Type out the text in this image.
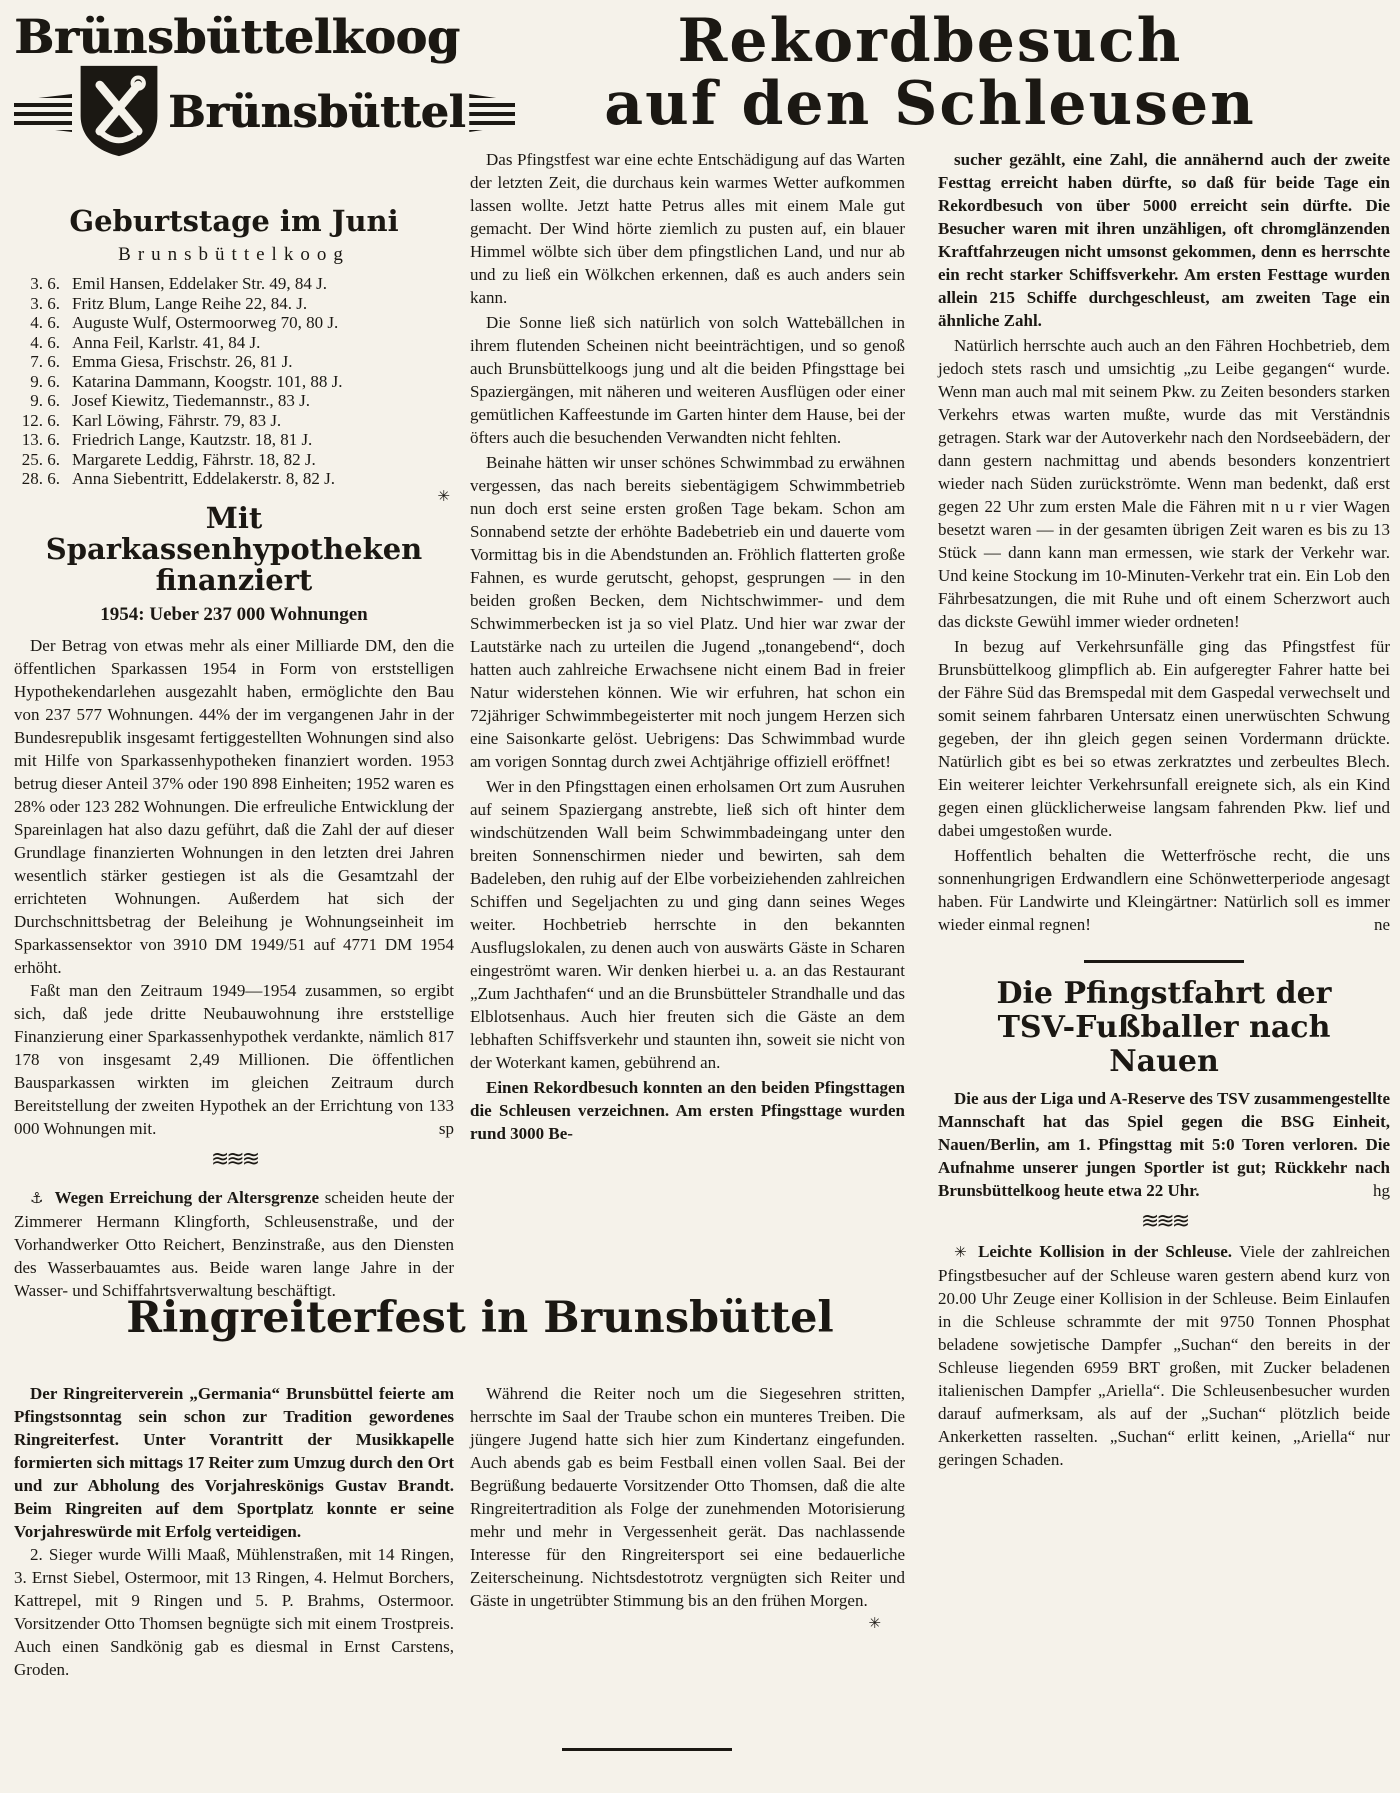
Brünsbüttelkoog
Brünsbüttel
Rekordbesuch
auf den Schleusen
Geburtstage im Juni
Brunsbüttelkoog
3. 6. Emil Hansen, Eddelaker Str. 49, 84 J.
3. 6. Fritz Blum, Lange Reihe 22, 84. J.
4. 6. Auguste Wulf, Ostermoorweg 70, 80 J.
4. 6. Anna Feil, Karlstr. 41, 84 J.
7. 6. Emma Giesa, Frischstr. 26, 81 J.
9. 6. Katarina Dammann, Koogstr. 101, 88 J.
9. 6. Josef Kiewitz, Tiedemannstr., 83 J.
12. 6. Karl Löwing, Fährstr. 79, 83 J.
13. 6. Friedrich Lange, Kautzstr. 18, 81 J.
25. 6. Margarete Leddig, Fährstr. 18, 82 J.
28. 6. Anna Siebentritt, Eddelakerstr. 8, 82 J.
✳
Mit Sparkassenhypotheken
finanziert
1954: Ueber 237 000 Wohnungen

Der Betrag von etwas mehr als einer Milliarde DM, den die öffentlichen Sparkassen 1954 in Form von erststelligen Hypothekendarlehen ausgezahlt haben, ermöglichte den Bau von 237 577 Wohnungen. 44% der im vergangenen Jahr in der Bundesrepublik insgesamt fertiggestellten Wohnungen sind also mit Hilfe von Sparkassenhypotheken finanziert worden. 1953 betrug dieser Anteil 37% oder 190 898 Einheiten; 1952 waren es 28% oder 123 282 Wohnungen. Die erfreuliche Entwicklung der Spareinlagen hat also dazu geführt, daß die Zahl der auf dieser Grundlage finanzierten Wohnungen in den letzten drei Jahren wesentlich stärker gestiegen ist als die Gesamtzahl der errichteten Wohnungen. Außerdem hat sich der Durchschnittsbetrag der Beleihung je Wohnungseinheit im Sparkassensektor von 3910 DM 1949/51 auf 4771 DM 1954 erhöht.

Faßt man den Zeitraum 1949—1954 zusammen, so ergibt sich, daß jede dritte Neubauwohnung ihre erststellige Finanzierung einer Sparkassenhypothek verdankte, nämlich 817 178 von insgesamt 2,49 Millionen. Die öffentlichen Bausparkassen wirkten im gleichen Zeitraum durch Bereitstellung der zweiten Hypothek an der Errichtung von 133 000 Wohnungen mit.	sp

≋≋≋

⚓ Wegen Erreichung der Altersgrenze scheiden heute der Zimmerer Hermann Klingforth, Schleusenstraße, und der Vorhandwerker Otto Reichert, Benzinstraße, aus den Diensten des Wasserbauamtes aus. Beide waren lange Jahre in der Wasser- und Schiffahrtsverwaltung beschäftigt.

Das Pfingstfest war eine echte Entschädigung auf das Warten der letzten Zeit, die durchaus kein warmes Wetter aufkommen lassen wollte. Jetzt hatte Petrus alles mit einem Male gut gemacht. Der Wind hörte ziemlich zu pusten auf, ein blauer Himmel wölbte sich über dem pfingstlichen Land, und nur ab und zu ließ ein Wölkchen erkennen, daß es auch anders sein kann.

Die Sonne ließ sich natürlich von solch Wattebällchen in ihrem flutenden Scheinen nicht beeinträchtigen, und so genoß auch Brunsbüttelkoogs jung und alt die beiden Pfingsttage bei Spaziergängen, mit näheren und weiteren Ausflügen oder einer gemütlichen Kaffeestunde im Garten hinter dem Hause, bei der öfters auch die besuchenden Verwandten nicht fehlten.

Beinahe hätten wir unser schönes Schwimmbad zu erwähnen vergessen, das nach bereits siebentägigem Schwimmbetrieb nun doch erst seine ersten großen Tage bekam. Schon am Sonnabend setzte der erhöhte Badebetrieb ein und dauerte vom Vormittag bis in die Abendstunden an. Fröhlich flatterten große Fahnen, es wurde gerutscht, gehopst, gesprungen — in den beiden großen Becken, dem Nichtschwimmer- und dem Schwimmerbecken ist ja so viel Platz. Und hier war zwar der Lautstärke nach zu urteilen die Jugend „tonangebend“, doch hatten auch zahlreiche Erwachsene nicht einem Bad in freier Natur widerstehen können. Wie wir erfuhren, hat schon ein 72jähriger Schwimmbegeisterter mit noch jungem Herzen sich eine Saisonkarte gelöst. Uebrigens: Das Schwimmbad wurde am vorigen Sonntag durch zwei Achtjährige offiziell eröffnet!

Wer in den Pfingsttagen einen erholsamen Ort zum Ausruhen auf seinem Spaziergang anstrebte, ließ sich oft hinter dem windschützenden Wall beim Schwimmbadeingang unter den breiten Sonnenschirmen nieder und bewirten, sah dem Badeleben, den ruhig auf der Elbe vorbeiziehenden zahlreichen Schiffen und Segeljachten zu und ging dann seines Weges weiter. Hochbetrieb herrschte in den bekannten Ausflugslokalen, zu denen auch von auswärts Gäste in Scharen eingeströmt waren. Wir denken hierbei u. a. an das Restaurant „Zum Jachthafen“ und an die Brunsbütteler Strandhalle und das Elblotsenhaus. Auch hier freuten sich die Gäste an dem lebhaften Schiffsverkehr und staunten ihn, soweit sie nicht von der Woterkant kamen, gebührend an.

Einen Rekordbesuch konnten an den beiden Pfingsttagen die Schleusen verzeichnen. Am ersten Pfingsttage wurden rund 3000 Be-

sucher gezählt, eine Zahl, die annähernd auch der zweite Festtag erreicht haben dürfte, so daß für beide Tage ein Rekordbesuch von über 5000 erreicht sein dürfte. Die Besucher waren mit ihren unzähligen, oft chromglänzenden Kraftfahrzeugen nicht umsonst gekommen, denn es herrschte ein recht starker Schiffsverkehr. Am ersten Festtage wurden allein 215 Schiffe durchgeschleust, am zweiten Tage ein ähnliche Zahl.

Natürlich herrschte auch auch an den Fähren Hochbetrieb, dem jedoch stets rasch und umsichtig „zu Leibe gegangen“ wurde. Wenn man auch mal mit seinem Pkw. zu Zeiten besonders starken Verkehrs etwas warten mußte, wurde das mit Verständnis getragen. Stark war der Autoverkehr nach den Nordseebädern, der dann gestern nachmittag und abends besonders konzentriert wieder nach Süden zurückströmte. Wenn man bedenkt, daß erst gegen 22 Uhr zum ersten Male die Fähren mit n u r vier Wagen besetzt waren — in der gesamten übrigen Zeit waren es bis zu 13 Stück — dann kann man ermessen, wie stark der Verkehr war. Und keine Stockung im 10-Minuten-Verkehr trat ein. Ein Lob den Fährbesatzungen, die mit Ruhe und oft einem Scherzwort auch das dickste Gewühl immer wieder ordneten!

In bezug auf Verkehrsunfälle ging das Pfingstfest für Brunsbüttelkoog glimpflich ab. Ein aufgeregter Fahrer hatte bei der Fähre Süd das Bremspedal mit dem Gaspedal verwechselt und somit seinem fahrbaren Untersatz einen unerwüschten Schwung gegeben, der ihn gleich gegen seinen Vordermann drückte. Natürlich gibt es bei so etwas zerkratztes und zerbeultes Blech. Ein weiterer leichter Verkehrsunfall ereignete sich, als ein Kind gegen einen glücklicherweise langsam fahrenden Pkw. lief und dabei umgestoßen wurde.

Hoffentlich behalten die Wetterfrösche recht, die uns sonnenhungrigen Erdwandlern eine Schönwetterperiode angesagt haben. Für Landwirte und Kleingärtner: Natürlich soll es immer wieder einmal regnen!	ne

Die Pfingstfahrt der
TSV-Fußballer nach Nauen

Die aus der Liga und A-Reserve des TSV zusammengestellte Mannschaft hat das Spiel gegen die BSG Einheit, Nauen/Berlin, am 1. Pfingsttag mit 5:0 Toren verloren. Die Aufnahme unserer jungen Sportler ist gut; Rückkehr nach Brunsbüttelkoog heute etwa 22 Uhr.	hg

≋≋≋

✳ Leichte Kollision in der Schleuse. Viele der zahlreichen Pfingstbesucher auf der Schleuse waren gestern abend kurz von 20.00 Uhr Zeuge einer Kollision in der Schleuse. Beim Einlaufen in die Schleuse schrammte der mit 9750 Tonnen Phosphat beladene sowjetische Dampfer „Suchan“ den bereits in der Schleuse liegenden 6959 BRT großen, mit Zucker beladenen italienischen Dampfer „Ariella“. Die Schleusenbesucher wurden darauf aufmerksam, als auf der „Suchan“ plötzlich beide Ankerketten rasselten. „Suchan“ erlitt keinen, „Ariella“ nur geringen Schaden.

Ringreiterfest in Brunsbüttel

Der Ringreiterverein „Germania“ Brunsbüttel feierte am Pfingstsonntag sein schon zur Tradition gewordenes Ringreiterfest. Unter Vorantritt der Musikkapelle formierten sich mittags 17 Reiter zum Umzug durch den Ort und zur Abholung des Vorjahreskönigs Gustav Brandt. Beim Ringreiten auf dem Sportplatz konnte er seine Vorjahreswürde mit Erfolg verteidigen.

2. Sieger wurde Willi Maaß, Mühlenstraßen, mit 14 Ringen, 3. Ernst Siebel, Ostermoor, mit 13 Ringen, 4. Helmut Borchers, Kattrepel, mit 9 Ringen und 5. P. Brahms, Ostermoor. Vorsitzender Otto Thomsen begnügte sich mit einem Trostpreis. Auch einen Sandkönig gab es diesmal in Ernst Carstens, Groden.

Während die Reiter noch um die Siegesehren stritten, herrschte im Saal der Traube schon ein munteres Treiben. Die jüngere Jugend hatte sich hier zum Kindertanz eingefunden. Auch abends gab es beim Festball einen vollen Saal. Bei der Begrüßung bedauerte Vorsitzender Otto Thomsen, daß die alte Ringreitertradition als Folge der zunehmenden Motorisierung mehr und mehr in Vergessenheit gerät. Das nachlassende Interesse für den Ringreitersport sei eine bedauerliche Zeiterscheinung. Nichtsdestotrotz vergnügten sich Reiter und Gäste in ungetrübter Stimmung bis an den frühen Morgen.

✳
